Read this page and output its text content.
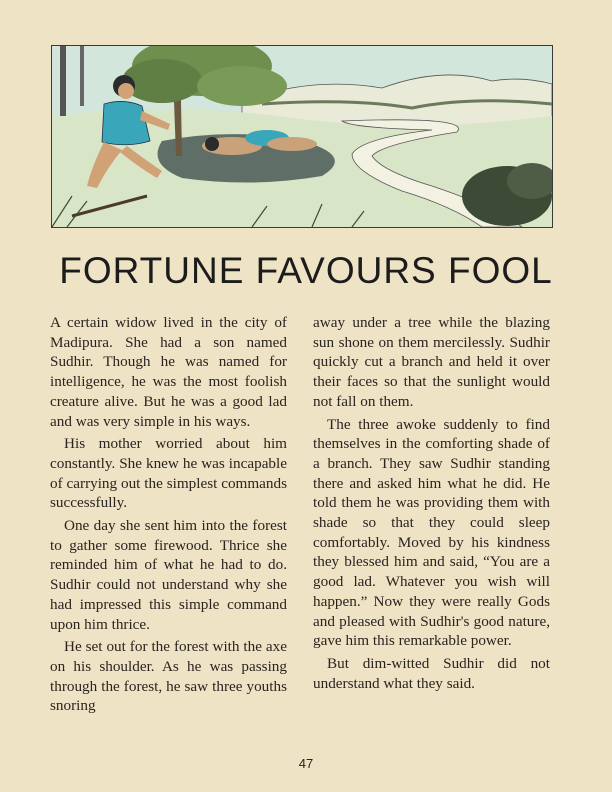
FORTUNE FAVOURS FOOL

A certain widow lived in the city of Madipura. She had a son named Sudhir. Though he was named for intelligence, he was the most foolish creature alive. But he was a good lad and was very simple in his ways.

His mother worried about him constantly. She knew he was incapable of carrying out the simplest commands successfully.

One day she sent him into the forest to gather some firewood. Thrice she reminded him of what he had to do. Sudhir could not understand why she had impressed this simple command upon him thrice.

He set out for the forest with the axe on his shoulder. As he was passing through the forest, he saw three youths snoring

away under a tree while the blazing sun shone on them mercilessly. Sudhir quickly cut a branch and held it over their faces so that the sunlight would not fall on them.

The three awoke suddenly to find themselves in the comforting shade of a branch. They saw Sudhir standing there and asked him what he did. He told them he was providing them with shade so that they could sleep comfortably. Moved by his kindness they blessed him and said, “You are a good lad. Whatever you wish will happen.” Now they were really Gods and pleased with Sudhir's good nature, gave him this remarkable power.

But dim-witted Sudhir did not understand what they said.

47
